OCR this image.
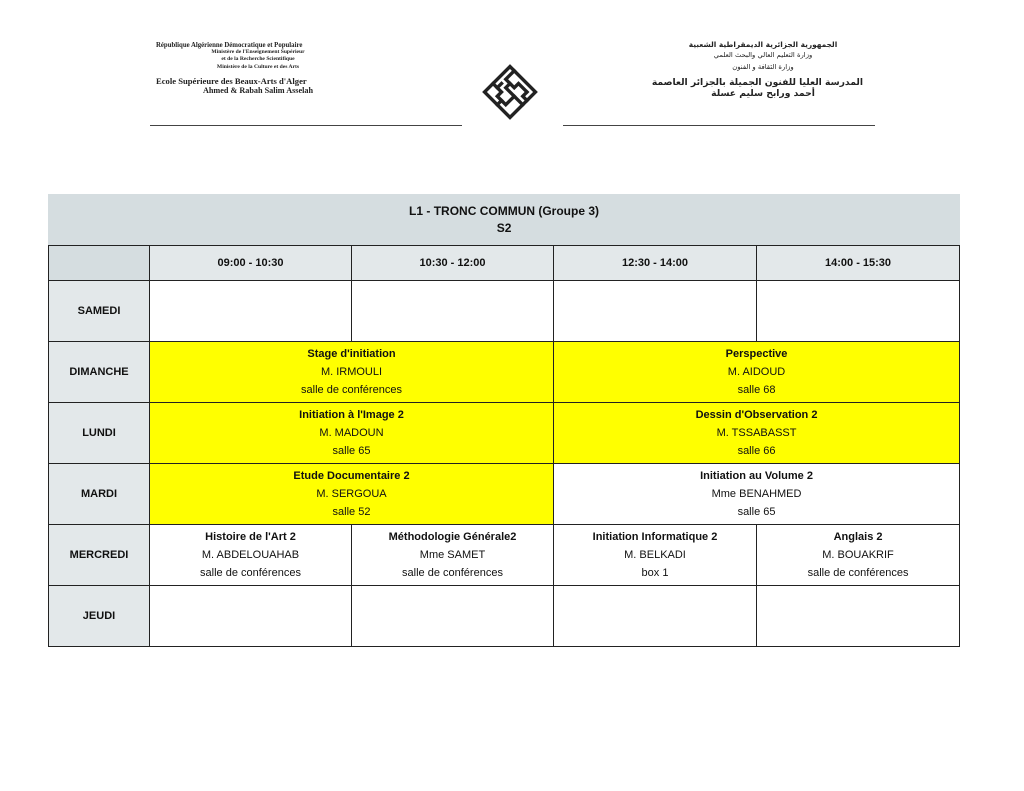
République Algérienne Démocratique et Populaire
Ministère de l'Enseignement Supérieur
et de la Recherche Scientifique
Ministère de la Culture et des Arts
Ecole Supérieure des Beaux-Arts d'Alger
Ahmed & Rabah Salim Asselah
الجمهورية الجزائرية الديمقراطية الشعبية
وزارة التعليم العالي والبحث العلمي
وزارة الثقافة و الفنون
المدرسة العليا للفنون الجميلة بالجزائر العاصمة
أحمد ورابح سليم عسلة
L1 - TRONC COMMUN (Groupe 3)
S2				

	09:00 - 10:30	10:30 - 12:00	12:30 - 14:00	14:00 - 15:30
SAMEDI				
DIMANCHE	Stage d'initiation
M. IRMOULI
salle de conférences		Perspective
M. AIDOUD
salle 68	

LUNDI	Initiation à l'Image 2
M. MADOUN
salle 65		Dessin d'Observation 2
M. TSSABASST
salle 66	

MARDI	Etude Documentaire 2
M. SERGOUA
salle 52		Initiation au Volume 2
Mme BENAHMED
salle 65	

MERCREDI	Histoire de l'Art 2
M. ABDELOUAHAB
salle de conférences	Méthodologie Générale2
Mme SAMET
salle de conférences	Initiation Informatique 2
M. BELKADI
box 1	Anglais 2
M. BOUAKRIF
salle de conférences

JEUDI				
